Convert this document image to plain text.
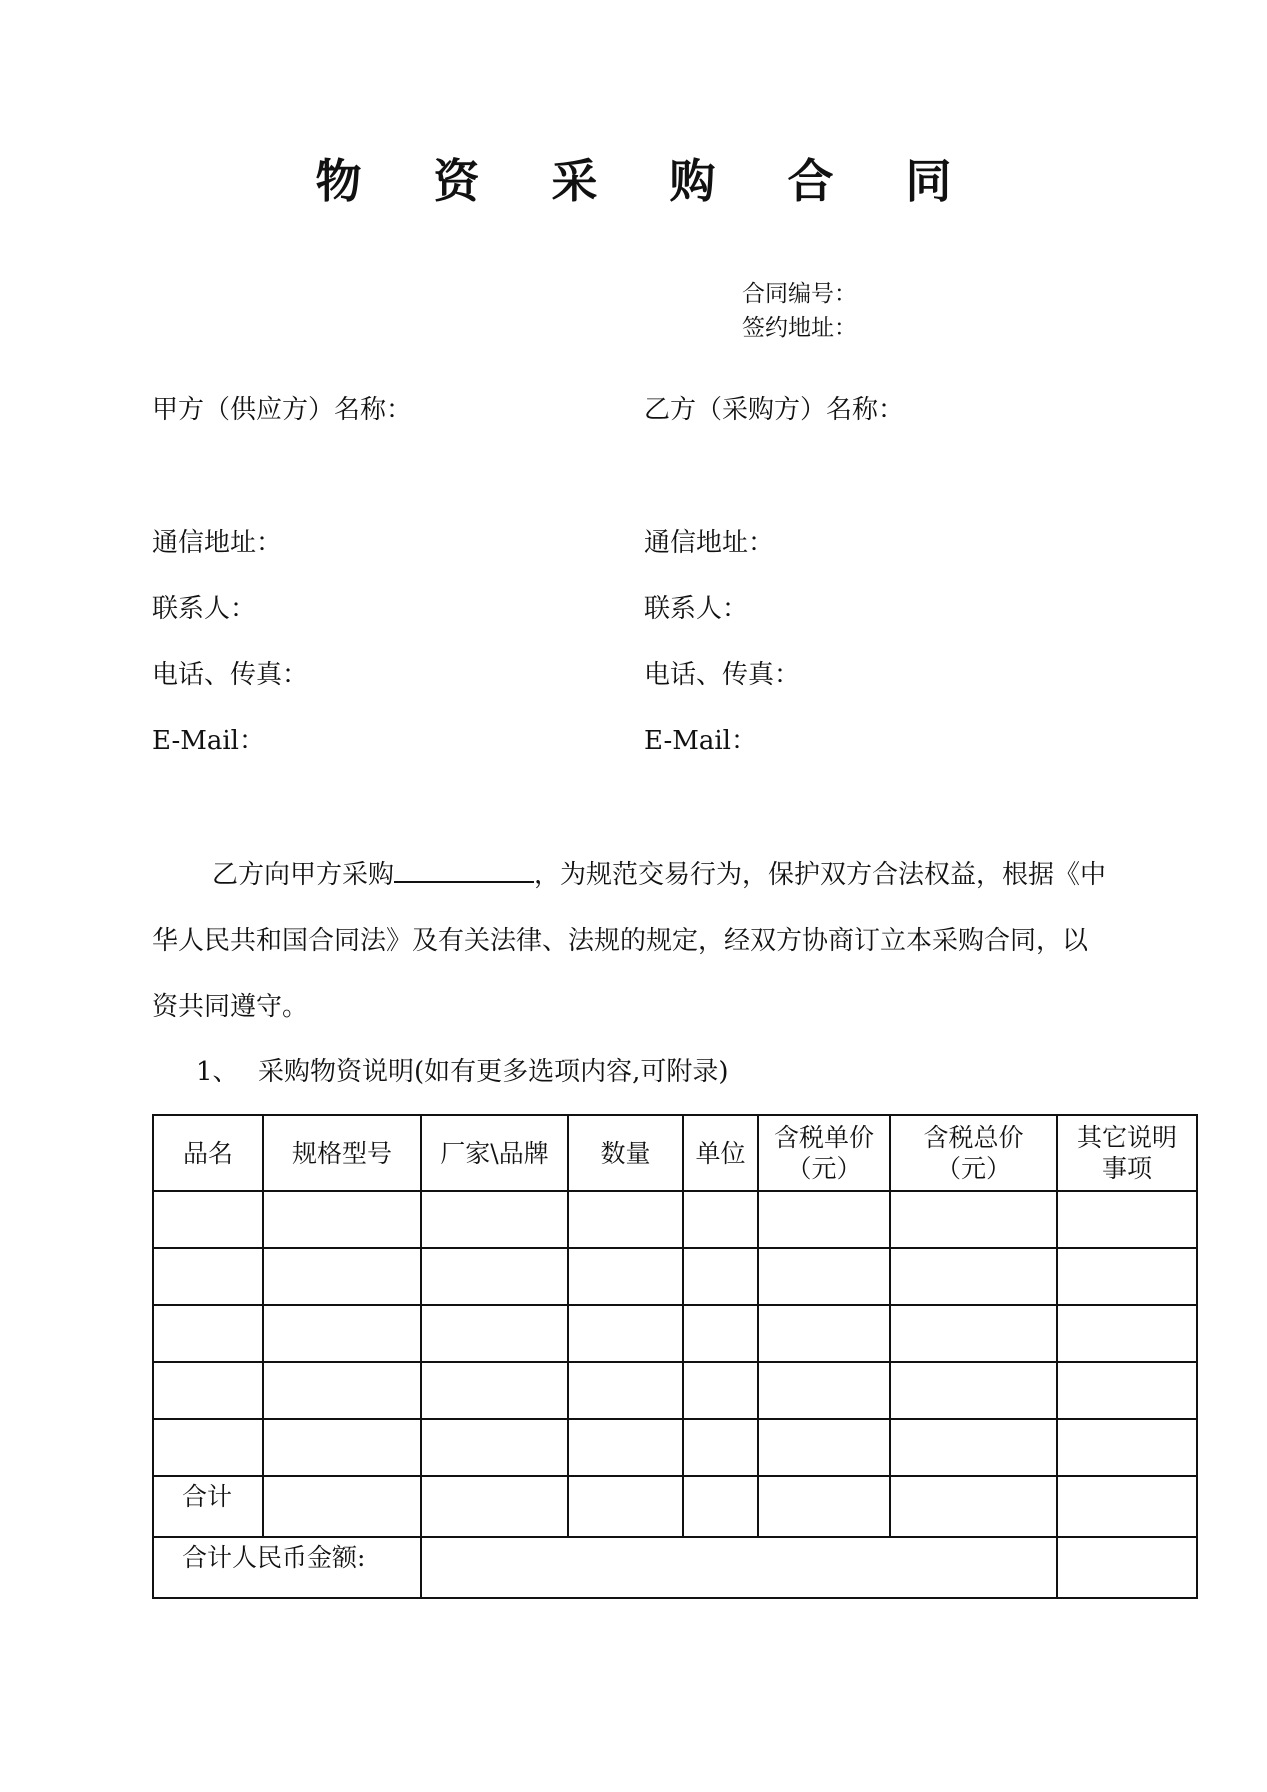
物 资 采 购 合 同
合同编号：
签约地址：
甲方（供应方）名称：
通信地址：
联系人：
电话、传真：
E-Mail：
乙方（采购方）名称：
通信地址：
联系人：
电话、传真：
E-Mail：
乙方向甲方采购	，为规范交易行为，保护双方合法权益，根据《中华人民共和国合同法》及有关法律、法规的规定，经双方协商订立本采购合同，以资共同遵守。
1、 采购物资说明(如有更多选项内容,可附录)
品名	规格型号	厂家\品牌	数量	单位	含税单价（元）	含税总价（元）	其它说明事项

合计							
合计人民币金额:							
